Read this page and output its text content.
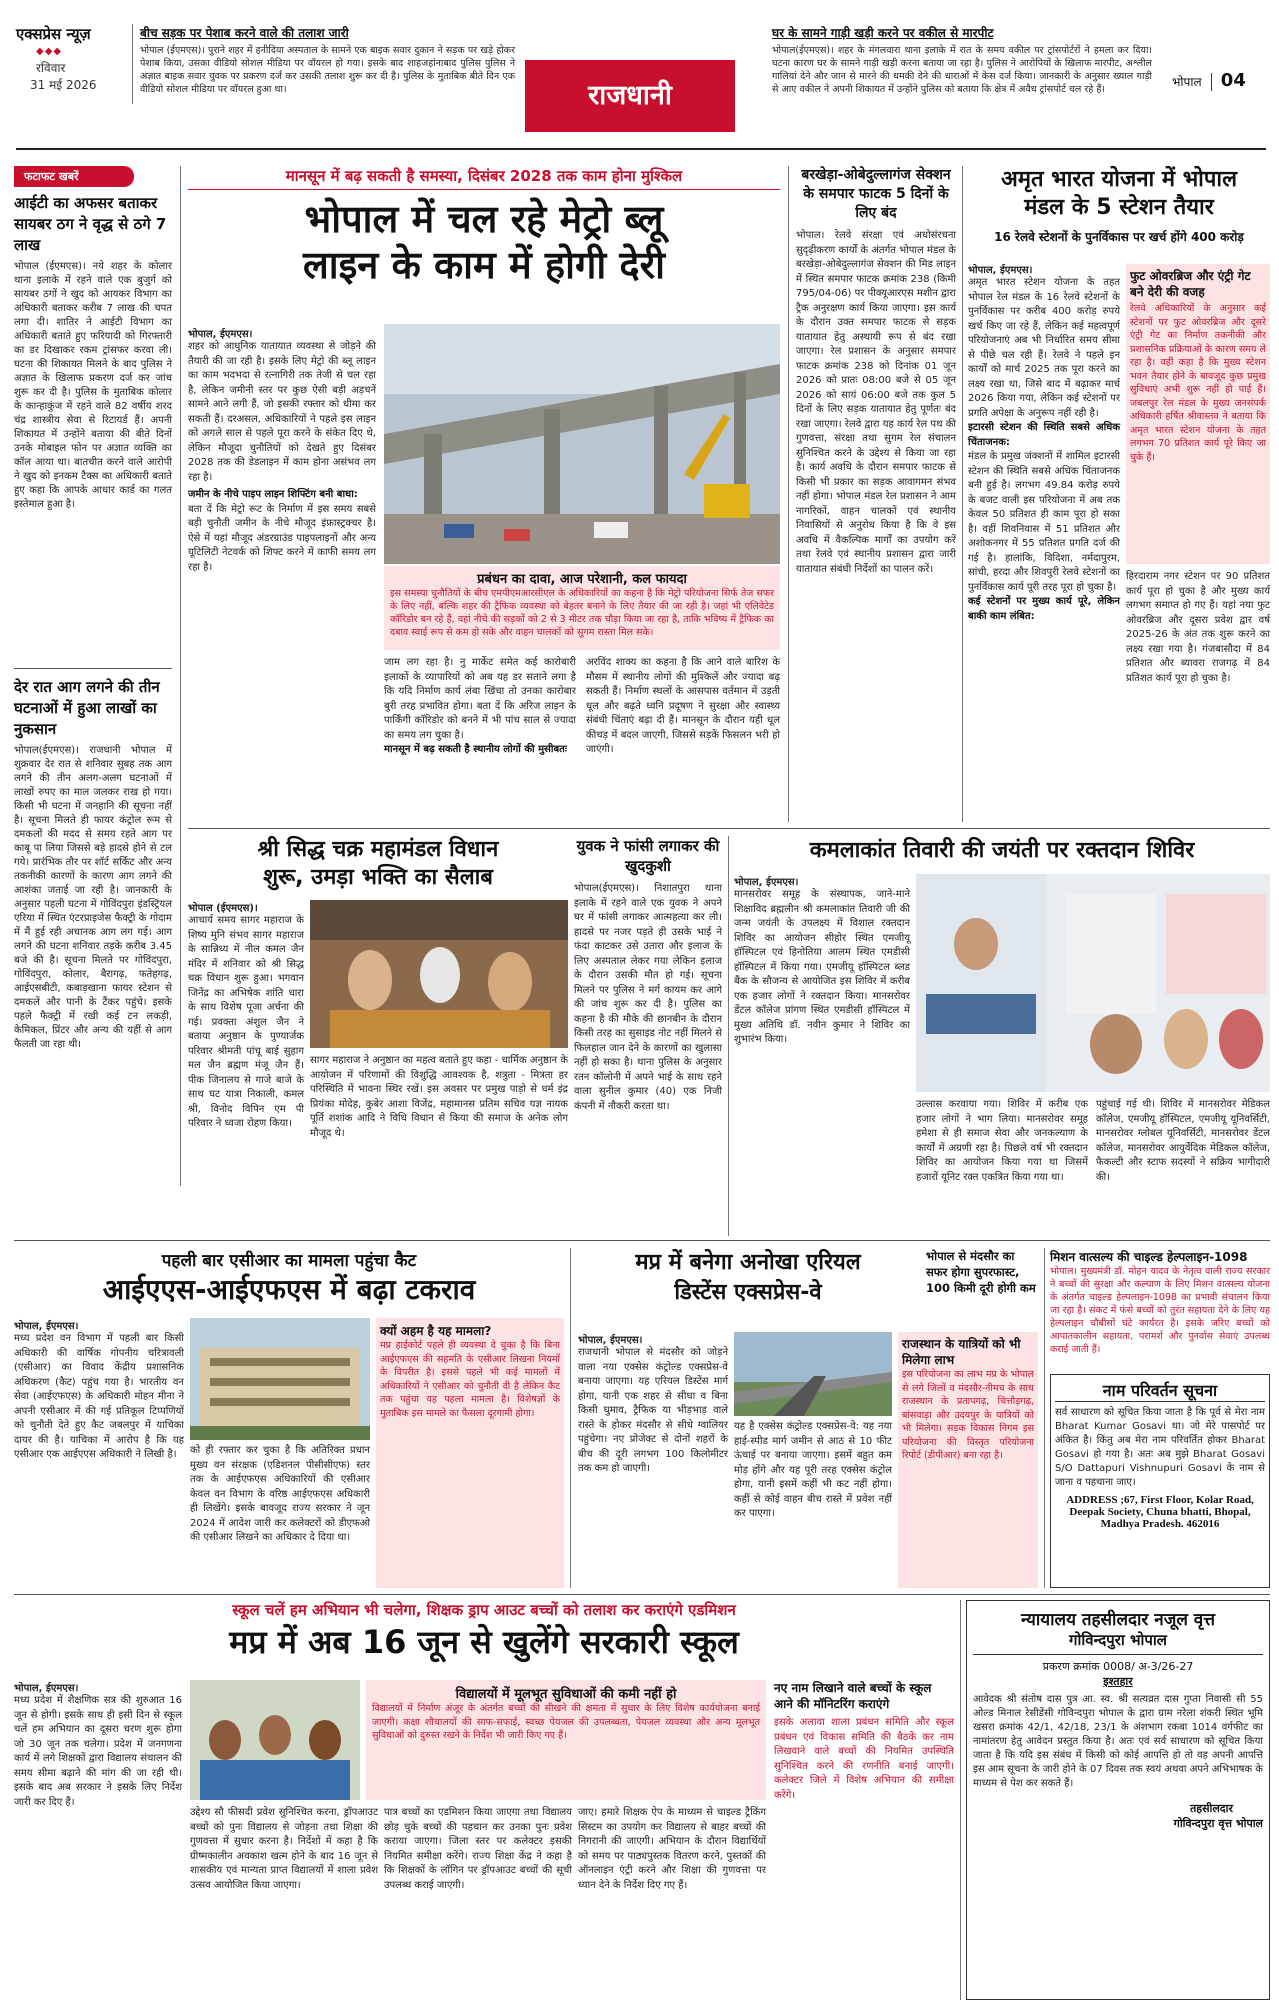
एक्सप्रेस न्यूज़
◆◆◆
रविवार
31 मई 2026
बीच सड़क पर पेशाब करने वाले की तलाश जारी
भोपाल (ईएमएस)। पुराने शहर में हनीदिया अस्पताल के सामने एक बाइक सवार दुकान ने सड़क पर खड़े होकर पेशाब किया, उसका वीडियो सोशल मीडिया पर वॉयरल हो गया। इसके बाद शाहजहांनाबाद पुलिस पुलिस ने अज्ञात बाइक सवार युवक पर प्रकरण दर्ज कर उसकी तलाश शुरू कर दी है। पुलिस के मुताबिक बीते दिन एक वीडियो सोशल मीडिया पर वॉयरल हुआ था।	राजधानी
घर के सामने गाड़ी खड़ी करने पर वकील से मारपीट
भोपाल(ईएमएस)। शहर के मंगलवारा थाना इलाके में रात के समय वकील पर ट्रांसपोर्टरों ने हमला कर दिया। घटना कारण घर के सामने गाड़ी खड़ी करना बताया जा रहा है। पुलिस ने आरोपियों के खिलाफ मारपीट, अश्लील गालियां देने और जान से मारने की धमकी देने की धाराओं में केस दर्ज किया। जानकारी के अनुसार ख्याल गाड़ी से आए वकील ने अपनी शिकायत में उन्होंने पुलिस को बताया कि क्षेत्र में अवैध ट्रांसपोर्ट चल रहे हैं।
भोपाल 04
फटाफट खबरें
आईटी का अफसर बताकर सायबर ठग ने वृद्ध से ठगे 7 लाख
भोपाल (ईएमएस)। नये शहर के कोलार थाना इलाके में रहने वाले एक बुजुर्ग को सायबर ठगों ने खुद को आयकर विभाग का अधिकारी बताकर करीब 7 लाख की चपत लगा दी। शातिर ने आईटी विभाग का अधिकारी बताते हुए फरियादी को गिरफ्तारी का डर दिखाकर रकम ट्रांसफर करवा ली। घटना की शिकायत मिलने के बाद पुलिस ने अज्ञात के खिलाफ प्रकरण दर्ज कर जांच शुरू कर दी है। पुलिस के मुताबिक कोलार के कान्हाकुंज में रहने वाले 82 वर्षीय शरद चंद्र शास्त्रीय सेवा से रिटायर्ड हैं। अपनी शिकायत में उन्होंने बताया की बीते दिनों उनके मोबाइल फोन पर अज्ञात व्यक्ति का कॉल आया था। बातचीत करने वाले आरोपी ने खुद को इनकम टैक्स का अधिकारी बताते हुए कहा कि आपके आधार कार्ड का गलत इस्तेमाल हुआ है।
देर रात आग लगने की तीन घटनाओं में हुआ लाखों का नुकसान
भोपाल(ईएमएस)। राजधानी भोपाल में शुक्रवार देर रात से शनिवार सुबह तक आग लगने की तीन अलग-अलग घटनाओं में लाखों रुपए का माल जलकर राख हो गया। किसी भी घटना में जनहानि की सूचना नहीं है। सूचना मिलते ही फायर कंट्रोल रूम से दमकलों की मदद से समय रहते आग पर काबू पा लिया जिससे बड़े हादसे होने से टल गये। प्रारंभिक तौर पर शॉर्ट सर्किट और अन्य तकनीकी कारणों के कारण आग लगने की आशंका जताई जा रही है। जानकारी के अनुसार पहली घटना में गोविंदपुरा इंडस्ट्रियल एरिया में स्थित एंटरप्राइजेस फैक्ट्री के गोदाम में मैं हुई रही अचानक आग लग गई। आग लगने की घटना शनिवार तड़के करीब 3.45 बजे की है। सूचना मिलते पर गोविंदपुरा, गोविंदपुरा, कोलार, बैरागढ़, फतेहगढ़, आईएसबीटी, कबाड़खाना फायर स्टेशन से दमकलें और पानी के टैंकर पहुंचे। इसके पहले फैक्ट्री में रखी कई टन लकड़ी, केमिकल, प्रिंटर और अन्य की यहीं से आग फैलती जा रहा थी।
मानसून में बढ़ सकती है समस्या, दिसंबर 2028 तक काम होना मुश्किल
भोपाल में चल रहे मेट्रो ब्लू
लाइन के काम में होगी देरी
भोपाल, ईएमएस।
शहर को आधुनिक यातायात व्यवस्था से जोड़ने की तैयारी की जा रही है। इसके लिए मेट्रो की ब्लू लाइन का काम भदभदा से रत्नागिरी तक तेजी से चल रहा है, लेकिन जमीनी स्तर पर कुछ ऐसी बड़ी अड़चनें सामने आने लगी हैं, जो इसकी रफ्तार को धीमा कर सकती हैं। दरअसल, अधिकारियों ने पहले इस लाइन को अगले साल से पहले पूरा करने के संकेत दिए थे, लेकिन मौजूदा चुनौतियों को देखते हुए दिसंबर 2028 तक की डेडलाइन में काम होना असंभव लग रहा है।
जमीन के नीचे पाइप लाइन शिफ्टिंग बनी बाधा:
बता दें कि मेट्रो रूट के निर्माण में इस समय सबसे बड़ी चुनौती जमीन के नीचे मौजूद इंफ्रास्ट्रक्चर है। ऐसे में यहां मौजूद अंडरग्राउंड पाइपलाइनों और अन्य यूटिलिटी नेटवर्क को शिफ्ट करने में काफी समय लग रहा है।
प्रबंधन का दावा, आज परेशानी, कल फायदा
इस समस्या चुनौतियों के बीच एमपीएमआरसीएल के अधिकारियों का कहना है कि मेट्रो परियोजना सिर्फ तेज सफर के लिए नहीं, बल्कि शहर की ट्रैफिक व्यवस्था को बेहतर बनाने के लिए तैयार की जा रही है। जहां भी एलिवेटेड कॉरिडोर बन रहे हैं, वहां नीचे की सड़कों को 2 से 3 मीटर तक चौड़ा किया जा रहा है, ताकि भविष्य में ट्रैफिक का दबाव स्वाई रूप से कम हो सके और वाहन चालकों को सुगम रास्ता मिल सके।
जाम लग रहा है। नु मार्केट समेत कई कारोबारी इलाकों के व्यापारियों को अब यह डर सताने लगा है कि यदि निर्माण कार्य लंबा खिंचा तो उनका कारोबार बुरी तरह प्रभावित होगा। बता दें कि अरिज लाइन के पार्किंगी कॉरिडोर को बनने में भी पांच साल से ज्यादा का समय लग चुका है।
मानसून में बढ़ सकती है स्थानीय लोगों की मुसीबतः
अरविंद शाक्य का कहना है कि आने वाले बारिश के मौसम में स्थानीय लोगों की मुश्किलें और ज्यादा बढ़ सकती हैं। निर्माण स्थलों के आसपास वर्तमान में उड़ती धूल और बढ़ते ध्वनि प्रदूषण ने सुरक्षा और स्वास्थ्य संबंधी चिंताएं बढ़ा दी हैं। मानसून के दौरान यही धूल कीचड़ में बदल जाएगी, जिससे सड़कें फिसलन भरी हो जाएंगी।
बरखेड़ा-ओबेदुल्लागंज सेक्शन के समपार फाटक 5 दिनों के लिए बंद
भोपाल। रेलवे संरक्षा एवं अधोसंरचना सुदृढ़ीकरण कार्यों के अंतर्गत भोपाल मंडल के बरखेड़ा-ओबेदुल्लागंज सेक्शन की मिड लाइन में स्थित समपार फाटक क्रमांक 238 (किमी 795/04-06) पर पीक्यूआरएस मशीन द्वारा ट्रैक अनुरक्षण कार्य किया जाएगा। इस कार्य के दौरान उक्त समपार फाटक से सड़क यातायात हेतु अस्थायी रूप से बंद रखा जाएगा। रेल प्रशासन के अनुसार समपार फाटक क्रमांक 238 को दिनांक 01 जून 2026 को प्रातः 08:00 बजे से 05 जून 2026 को सायं 06:00 बजे तक कुल 5 दिनों के लिए सड़क यातायात हेतु पूर्णतः बंद रखा जाएगा। रेलवे द्वारा यह कार्य रेल पथ की गुणवत्ता, संरक्षा तथा सुगम रेल संचालन सुनिश्चित करने के उद्देश्य से किया जा रहा है। कार्य अवधि के दौरान समपार फाटक से किसी भी प्रकार का सड़क आवागमन संभव नहीं होगा। भोपाल मंडल रेल प्रशासन ने आम नागरिकों, वाहन चालकों एवं स्थानीय निवासियों से अनुरोध किया है कि वे इस अवधि में वैकल्पिक मार्गों का उपयोग करें तथा रेलवे एवं स्थानीय प्रशासन द्वारा जारी यातायात संबंधी निर्देशों का पालन करें।
अमृत भारत योजना में भोपाल
मंडल के 5 स्टेशन तैयार
16 रेलवे स्टेशनों के पुनर्विकास पर खर्च होंगे 400 करोड़
भोपाल, ईएमएस।
अमृत भारत स्टेशन योजना के तहत भोपाल रेल मंडल के 16 रेलवे स्टेशनों के पुनर्विकास पर करीब 400 करोड़ रुपये खर्च किए जा रहे हैं, लेकिन कई महत्वपूर्ण परियोजनाएं अब भी निर्धारित समय सीमा से पीछे चल रही हैं। रेलवे ने पहले इन कार्यों को मार्च 2025 तक पूरा करने का लक्ष्य रखा था, जिसे बाद में बढ़ाकर मार्च 2026 किया गया, लेकिन कई स्टेशनों पर प्रगति अपेक्षा के अनुरूप नहीं रही है।
इटारसी स्टेशन की स्थिति सबसे अधिक चिंताजनक:
मंडल के प्रमुख जंक्शनों में शामिल इटारसी स्टेशन की स्थिति सबसे अधिक चिंताजनक बनी हुई है। लगभग 49.84 करोड़ रुपये के बजट वाली इस परियोजना में अब तक केवल 50 प्रतिशत ही काम पूरा हो सका है। वहीं शिवनिवास में 51 प्रतिशत और अशोकनगर में 55 प्रतिशत प्रगति दर्ज की गई है। हालांकि, विदिशा, नर्मदापुरम, सांची, हरदा और शिवपुरी रेलवे स्टेशनों का पुनर्विकास कार्य पूरी तरह पूरा हो चुका है।
कई स्टेशनों पर मुख्य कार्य पूरे, लेकिन बाकी काम लंबित:
फुट ओवरब्रिज और एंट्री गेट बने देरी की वजह
रेलवे अधिकारियों के अनुसार कई स्टेशनों पर फुट ओवरब्रिज और दूसरे एंट्री गेट का निर्माण तकनीकी और प्रशासनिक प्रक्रियाओं के कारण समय ले रहा है। वहीं कहा है कि मुख्य स्टेशन भवन तैयार होने के बावजूद कुछ प्रमुख सुविधाएं अभी शुरू नहीं हो पाई हैं। जबलपुर रेल मंडल के मुख्य जनसंपर्क अधिकारी हर्षित श्रीवास्तव ने बताया कि अमृत भारत स्टेशन योजना के तहत लगभग 70 प्रतिशत कार्य पूरे किए जा चुके हैं।
हिरदाराम नगर स्टेशन पर 90 प्रतिशत कार्य पूरा हो चुका है और मुख्य कार्य लगभग समाप्त हो गए हैं। यहां नया फुट ओवरब्रिज और दूसरा प्रवेश द्वार वर्ष 2025-26 के अंत तक शुरू करने का लक्ष्य रखा गया है। गंजबासौदा में 84 प्रतिशत और ब्यावरा राजगढ़ में 84 प्रतिशत कार्य पूरा हो चुका है।
श्री सिद्ध चक्र महामंडल विधान
शुरू, उमड़ा भक्ति का सैलाब
भोपाल (ईएमएस)।
आचार्य समय सागर महाराज के शिष्य मुनि संभव सागर महाराज के सान्निध्य में नील कमल जैन मंदिर में शनिवार को श्री सिद्ध चक्र विधान शुरू हुआ। भगवान जिनेंद्र का अभिषेक शांति धारा के साथ विशेष पूजा अर्चना की गई। प्रवक्ता अंशुल जैन ने बताया अनुष्ठान के पुण्यार्जक परिवार श्रीमती पांचू बाई सुहाग मल जैन ब्रह्मण मंजू जैन हैं। पीक जिनालय से गाजे बाजे के साथ घट यात्रा निकाली, कमल श्री, विनोद विपिन एम पी परिवार ने ध्वजा रोहण किया।
सागर महाराज ने अनुष्ठान का महत्व बताते हुए कहा - धार्मिक अनुष्ठान के आयोजन में परिणामों की विशुद्धि आवश्यक है, शत्रुता - मित्रता हर परिस्थिति में भावना स्थिर रखें। इस अवसर पर प्रमुख पाड़ो से धर्म इंद्र प्रियंका मोदेह, कुबेर आशा विजेंद्र, महामानस प्रतिम सचिव यज्ञ नायक पूर्ति शशांक आदि ने विधि विधान से किया की समाज के अनेक लोग मौजूद थे।
युवक ने फांसी लगाकर की खुदकुशी
भोपाल(ईएमएस)। निशातपुरा थाना इलाके में रहने वाले एक युवक ने अपने घर में फांसी लगाकर आत्महत्या कर ली। हादसे पर नजर पड़ते ही उसके भाई ने फंदा काटकर उसे उतारा और इलाज के लिए अस्पताल लेकर गया लेकिन इलाज के दौरान उसकी मौत हो गई। सूचना मिलने पर पुलिस ने मर्ग कायम कर आगे की जांच शुरू कर दी है। पुलिस का कहना है की मौके की छानबीन के दौरान किसी तरह का सुसाइड नोट नहीं मिलने से फिलहाल जान देने के कारणों का खुलासा नहीं हो सका है। थाना पुलिस के अनुसार रतन कॉलोनी में अपने भाई के साथ रहने वाला सुनील कुमार (40) एक निजी कंपनी में नौकरी करता था।
कमलाकांत तिवारी की जयंती पर रक्तदान शिविर
भोपाल, ईएमएस।
मानसरोवर समूह के संस्थापक, जाने-माने शिक्षाविद ब्रह्मलीन श्री कमलाकांत तिवारी जी की जन्म जयंती के उपलक्ष्य में विशाल रक्तदान शिविर का आयोजन सीहोर स्थित एमजीयू हॉस्पिटल एवं हिनोतिया आलम स्थित एमडीसी हॉस्पिटल में किया गया। एमजीयू हॉस्पिटल ब्लड बैंक के सौजन्य से आयोजित इस शिविर में करीब एक हजार लोगों ने रक्तदान किया। मानसरोवर डेंटल कॉलेज प्रांगण स्थित एमडीसी हॉस्पिटल में मुख्य अतिथि डॉ. नवीन कुमार ने शिविर का शुभारंभ किया।
उल्लास करवाया गया। शिविर में करीब एक हजार लोगों ने भाग लिया। मानसरोवर समूह हमेशा से ही समाज सेवा और जनकल्याण के कार्यों में अग्रणी रहा है। पिछले वर्ष भी रक्तदान शिविर का आयोजन किया गया था जिसमें हजारों यूनिट रक्त एकत्रित किया गया था।
पहुंचाई गई थी। शिविर में मानसरोवर मेडिकल कॉलेज, एमजीयू हॉस्पिटल, एमजीयू यूनिवर्सिटी, मानसरोवर ग्लोबल यूनिवर्सिटी, मानसरोवर डेंटल कॉलेज, मानसरोवर आयुर्वेदिक मेडिकल कॉलेज, फैकल्टी और स्टाफ सदस्यों ने सक्रिय भागीदारी की।
पहली बार एसीआर का मामला पहुंचा कैट
आईएएस-आईएफएस में बढ़ा टकराव
भोपाल, ईएमएस।
मध्य प्रदेश वन विभाग में पहली बार किसी अधिकारी की वार्षिक गोपनीय चरित्रावली (एसीआर) का विवाद केंद्रीय प्रशासनिक अधिकरण (कैट) पहुंच गया है। भारतीय वन सेवा (आईएफएस) के अधिकारी मोहन मीना ने अपनी एसीआर में की गई प्रतिकूल टिप्पणियों को चुनौती देते हुए कैट जबलपुर में याचिका दायर की है। याचिका में आरोप है कि यह एसीआर एक आईएएस अधिकारी ने लिखी है।	को ही रफ्तार कर चुका है कि अतिरिक्त प्रधान मुख्य वन संरक्षक (एडिशनल पीसीसीएफ) स्तर तक के आईएफएस अधिकारियों की एसीआर केवल वन विभाग के वरिष्ठ आईएफएस अधिकारी ही लिखेंगे। इसके बावजूद राज्य सरकार ने जून 2024 में आदेश जारी कर कलेक्टरों को डीएफओ की एसीआर लिखने का अधिकार दे दिया था।
क्यों अहम है यह मामला?
मप्र हाईकोर्ट पहले ही व्यवस्था दे चुका है कि बिना आईएफएस की सहमति के एसीआर लिखना नियमों के विपरीत है। इससे पहले भी कई मामलों में अधिकारियों ने एसीआर को चुनौती दी है लेकिन कैट तक पहुंचा यह पहला मामला है। विशेषज्ञों के मुताबिक इस मामले का फैसला दूरगामी होगा।
मप्र में बनेगा अनोखा एरियल
डिस्टेंस एक्सप्रेस-वे
भोपाल से मंदसौर का सफर होगा सुपरफास्ट, 100 किमी दूरी होगी कम
भोपाल, ईएमएस।
राजधानी भोपाल से मंदसौर को जोड़ने वाला नया एक्सेस कंट्रोल्ड एक्सप्रेस-वे बनाया जाएगा। यह एरियल डिस्टेंस मार्ग होगा, यानी एक शहर से सीधा व बिना किसी घुमाव, ट्रैफिक या भीड़भाड़ वाले रास्ते के होकर मंदसौर से सीधे ग्वालियर पहुंचेगा। नए प्रोजेक्ट से दोनों शहरों के बीच की दूरी लगभग 100 किलोमीटर तक कम हो जाएगी।
यह है एक्सेस कंट्रोल्ड एक्सप्रेस-वे: यह नया हाई-स्पीड मार्ग जमीन से आठ से 10 फीट ऊंचाई पर बनाया जाएगा। इसमें बहुत कम मोड़ होंगे और यह पूरी तरह एक्सेस कंट्रोल होगा, यानी इसमें कहीं भी कट नहीं होगा। कहीं से कोई वाहन बीच रास्ते में प्रवेश नहीं कर पाएगा।
राजस्थान के यात्रियों को भी मिलेगा लाभ
इस परियोजना का लाभ मप्र के भोपाल से लगे जिलों व मंदसौर-नीमच के साथ राजस्थान के प्रतापगढ़, चित्तौड़गढ़, बांसवाड़ा और उदयपुर के यात्रियों को भी मिलेगा। सड़क विकास निगम इस परियोजना की विस्तृत परियोजना रिपोर्ट (डीपीआर) बना रहा है।
मिशन वात्सल्य की चाइल्ड हेल्पलाइन-1098
भोपाल। मुख्यमंत्री डॉ. मोहन यादव के नेतृत्व वाली राज्य सरकार ने बच्चों की सुरक्षा और कल्याण के लिए मिशन वात्सल्य योजना के अंतर्गत चाइल्ड हेल्पलाइन-1098 का प्रभावी संचालन किया जा रहा है। संकट में फंसे बच्चों को तुरंत सहायता देने के लिए यह हेल्पलाइन चौबीसों घंटे कार्यरत है। इसके जरिए बच्चों को आपातकालीन सहायता, परामर्श और पुनर्वास सेवाएं उपलब्ध कराई जाती हैं।
नाम परिवर्तन सूचना
सर्व साधारण को सूचित किया जाता है कि पूर्व से मेरा नाम Bharat Kumar Gosavi था। जो मेरे पासपोर्ट पर अंकित है। किंतु अब मेरा नाम परिवर्तित होकर Bharat Gosavi हो गया है। अतः अब मुझे Bharat Gosavi S/O Dattapuri Vishnupuri Gosavi के नाम से जाना व पहचाना जाए।
ADDRESS ;67, First Floor, Kolar Road, Deepak Society, Chuna bhatti, Bhopal, Madhya Pradesh. 462016
स्कूल चलें हम अभियान भी चलेगा, शिक्षक ड्राप आउट बच्चों को तलाश कर कराएंगे एडमिशन
मप्र में अब 16 जून से खुलेंगे सरकारी स्कूल
भोपाल, ईएमएस।
मध्य प्रदेश में शैक्षणिक सत्र की शुरुआत 16 जून से होगी। इसके साथ ही इसी दिन से स्कूल चलें हम अभियान का दूसरा चरण शुरू होगा जो 30 जून तक चलेगा। प्रदेश में जनगणना कार्य में लगे शिक्षकों द्वारा विद्यालय संचालन की समय सीमा बढ़ाने की मांग की जा रही थी। इसके बाद अब सरकार ने इसके लिए निर्देश जारी कर दिए हैं।
विद्यालयों में मूलभूत सुविधाओं की कमी नहीं हो
विद्यालयों में निर्माण अंजूर के अंतर्गत बच्चों की सीखने की क्षमता में सुधार के लिए विशेष कार्ययोजना बनाई जाएगी। कक्षा शौचालयों की साफ-सफाई, स्वच्छ पेयजल की उपलब्धता, पेयजल व्यवस्था और अन्य मूलभूत सुविधाओं को दुरुस्त रखने के निर्देश भी जारी किए गए हैं।
उद्देश्य सौ फीसदी प्रवेश सुनिश्चित करना, ड्रॉपआउट बच्चों को पुनः विद्यालय से जोड़ना तथा शिक्षा की गुणवत्ता में सुधार करना है। निर्देशों में कहा है कि ग्रीष्मकालीन अवकाश खत्म होने के बाद 16 जून से शासकीय एवं मान्यता प्राप्त विद्यालयों में शाला प्रवेश उत्सव आयोजित किया जाएगा।
पात्र बच्चों का एडमिशन किया जाएगा तथा विद्यालय छोड़ चुके बच्चों की पहचान कर उनका पुनः प्रवेश कराया जाएगा। जिला स्तर पर कलेक्टर इसकी नियमित समीक्षा करेंगे। राज्य शिक्षा केंद्र ने कहा है कि शिक्षकों के लॉगिन पर ड्रॉपआउट बच्चों की सूची उपलब्ध कराई जाएगी।
जाए। हमारे शिक्षक ऐप के माध्यम से चाइल्ड ट्रैकिंग सिस्टम का उपयोग कर विद्यालय से बाहर बच्चों की निगरानी की जाएगी। अभियान के दौरान विद्यार्थियों को समय पर पाठ्यपुस्तक वितरण करने, पुस्तकों की ऑनलाइन एंट्री करने और शिक्षा की गुणवत्ता पर ध्यान देने के निर्देश दिए गए हैं।
नए नाम लिखाने वाले बच्चों के स्कूल आने की मॉनिटरिंग कराएंगे
इसके अलावा शाला प्रबंधन समिति और स्कूल प्रबंधन एवं विकास समिति की बैठकें कर नाम लिखवाने वाले बच्चों की नियमित उपस्थिति सुनिश्चित करने की रणनीति बनाई जाएगी। कलेक्टर जिले में विशेष अभियान की समीक्षा करेंगे।
न्यायालय तहसीलदार नजूल वृत्त
गोविन्दपुरा भोपाल
प्रकरण क्रमांक 0008/ अ-3/26-27
इश्तहार
आवेदक श्री संतोष दास पुत्र आ. स्व. श्री सत्यव्रत दास गुप्ता निवासी सी 55 ओल्ड मिनाल रेसीडेंसी गोविन्दपुरा भोपाल के द्वारा ग्राम नरेला शंकरी स्थित भूमि खसरा क्रमांक 42/1, 42/18, 23/1 के अंशभाग रकबा 1014 वर्गफीट का नामांतरण हेतु आवेदन प्रस्तुत किया है। अतः एवं सर्व साधारण को सूचित किया जाता है कि यदि इस संबंध में किसी को कोई आपत्ति हो तो वह अपनी आपत्ति इस आम सूचना के जारी होने के 07 दिवस तक स्वयं अथवा अपने अभिभाषक के माध्यम से पेश कर सकते हैं।
तहसीलदार
गोविन्दपुरा वृत्त भोपाल
